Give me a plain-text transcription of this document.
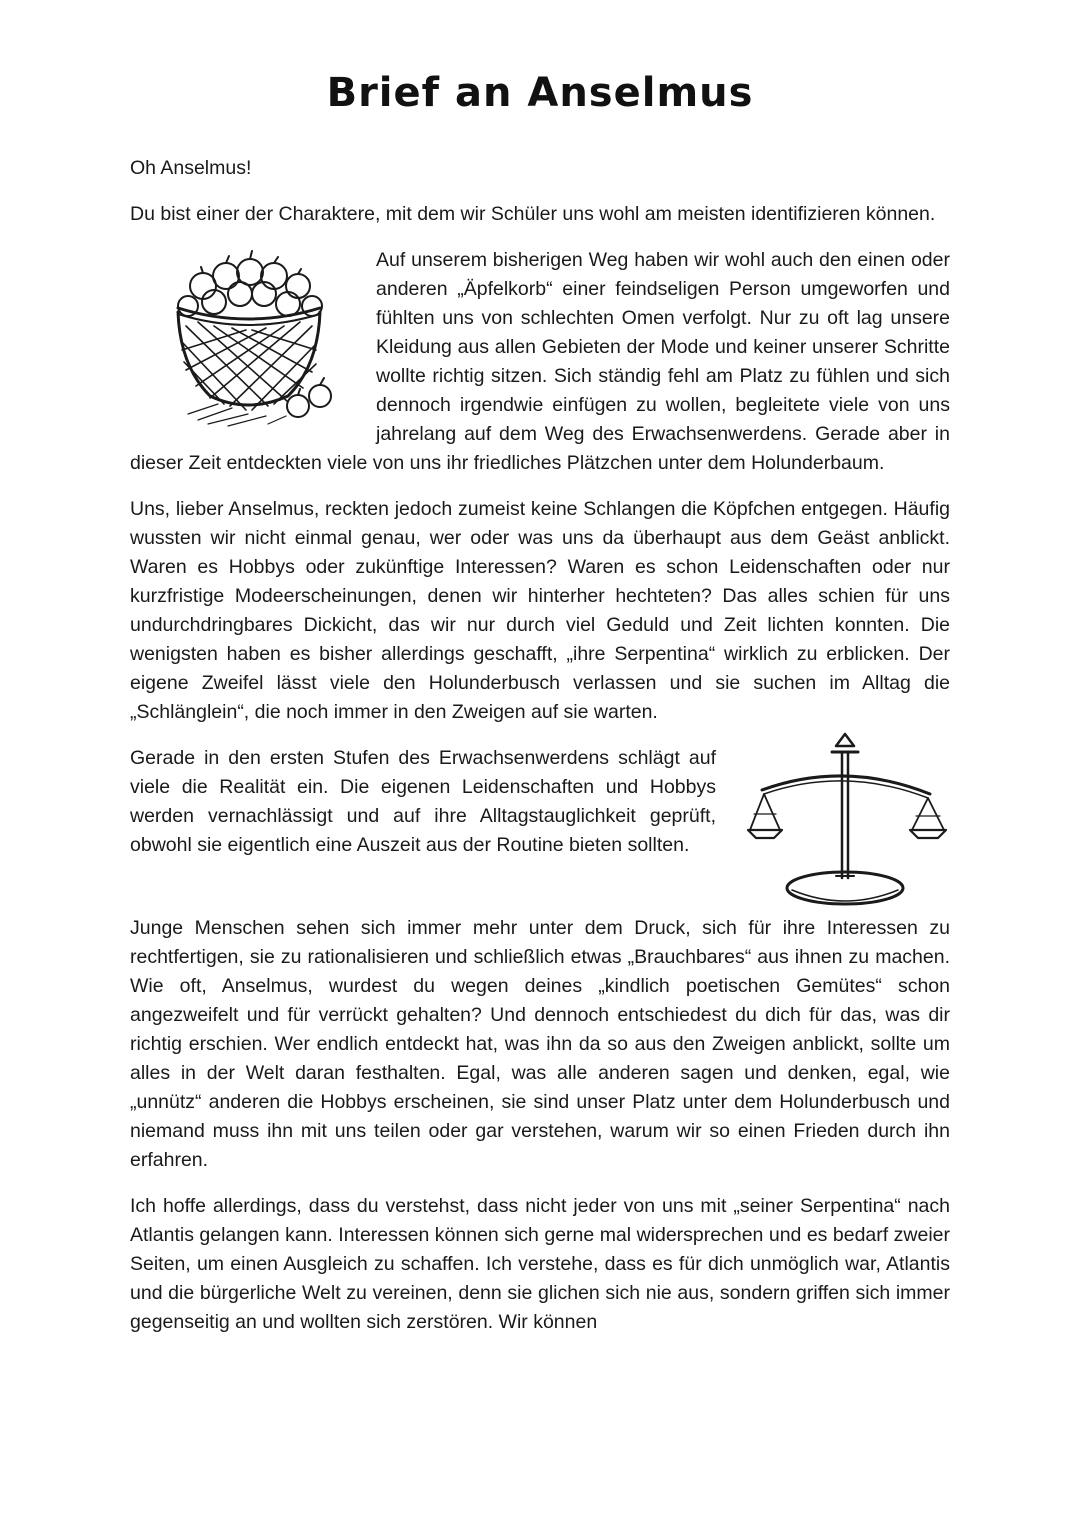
Brief an Anselmus

Oh Anselmus!

Du bist einer der Charaktere, mit dem wir Schüler uns wohl am meisten identifizieren können.

Auf unserem bisherigen Weg haben wir wohl auch den einen oder anderen „Äpfelkorb“ einer feindseligen Person umgeworfen und fühlten uns von schlechten Omen verfolgt. Nur zu oft lag unsere Kleidung aus allen Gebieten der Mode und keiner unserer Schritte wollte richtig sitzen. Sich ständig fehl am Platz zu fühlen und sich dennoch irgendwie einfügen zu wollen, begleitete viele von uns jahrelang auf dem Weg des Erwachsenwerdens. Gerade aber in dieser Zeit entdeckten viele von uns ihr friedliches Plätzchen unter dem Holunderbaum.

Uns, lieber Anselmus, reckten jedoch zumeist keine Schlangen die Köpfchen entgegen. Häufig wussten wir nicht einmal genau, wer oder was uns da überhaupt aus dem Geäst anblickt. Waren es Hobbys oder zukünftige Interessen? Waren es schon Leidenschaften oder nur kurzfristige Modeerscheinungen, denen wir hinterher hechteten? Das alles schien für uns undurchdringbares Dickicht, das wir nur durch viel Geduld und Zeit lichten konnten. Die wenigsten haben es bisher allerdings geschafft, „ihre Serpentina“ wirklich zu erblicken. Der eigene Zweifel lässt viele den Holunderbusch verlassen und sie suchen im Alltag die „Schlänglein“, die noch immer in den Zweigen auf sie warten.

Gerade in den ersten Stufen des Erwachsenwerdens schlägt auf viele die Realität ein. Die eigenen Leidenschaften und Hobbys werden vernachlässigt und auf ihre Alltagstauglichkeit geprüft, obwohl sie eigentlich eine Auszeit aus der Routine bieten sollten.

Junge Menschen sehen sich immer mehr unter dem Druck, sich für ihre Interessen zu rechtfertigen, sie zu rationalisieren und schließlich etwas „Brauchbares“ aus ihnen zu machen. Wie oft, Anselmus, wurdest du wegen deines „kindlich poetischen Gemütes“ schon angezweifelt und für verrückt gehalten? Und dennoch entschiedest du dich für das, was dir richtig erschien. Wer endlich entdeckt hat, was ihn da so aus den Zweigen anblickt, sollte um alles in der Welt daran festhalten. Egal, was alle anderen sagen und denken, egal, wie „unnütz“ anderen die Hobbys erscheinen, sie sind unser Platz unter dem Holunderbusch und niemand muss ihn mit uns teilen oder gar verstehen, warum wir so einen Frieden durch ihn erfahren.

Ich hoffe allerdings, dass du verstehst, dass nicht jeder von uns mit „seiner Serpentina“ nach Atlantis gelangen kann. Interessen können sich gerne mal widersprechen und es bedarf zweier Seiten, um einen Ausgleich zu schaffen. Ich verstehe, dass es für dich unmöglich war, Atlantis und die bürgerliche Welt zu vereinen, denn sie glichen sich nie aus, sondern griffen sich immer gegenseitig an und wollten sich zerstören. Wir können
